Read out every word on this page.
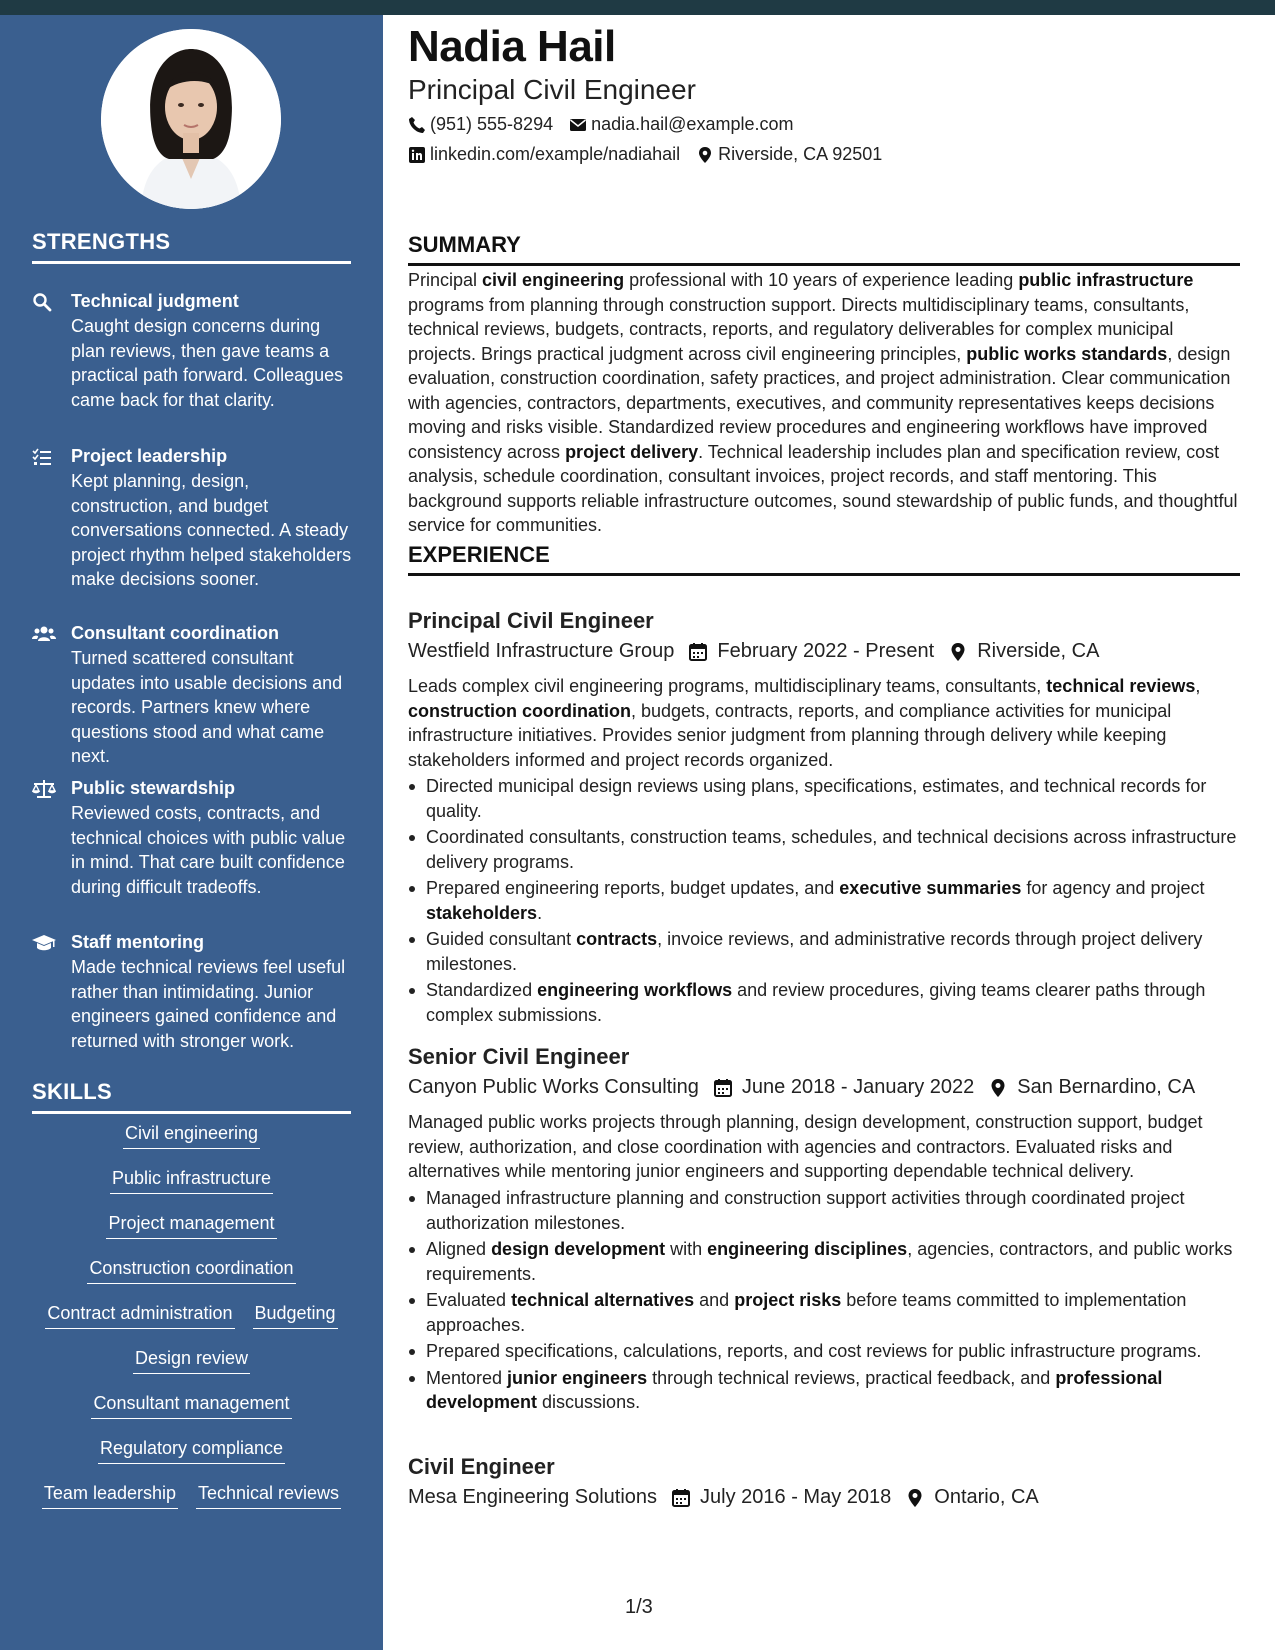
STRENGTHS
Technical judgment
Caught design concerns during plan reviews, then gave teams a practical path forward. Colleagues came back for that clarity.
Project leadership
Kept planning, design, construction, and budget conversations connected. A steady project rhythm helped stakeholders make decisions sooner.
Consultant coordination
Turned scattered consultant updates into usable decisions and records. Partners knew where questions stood and what came next.
Public stewardship
Reviewed costs, contracts, and technical choices with public value in mind. That care built confidence during difficult tradeoffs.
Staff mentoring
Made technical reviews feel useful rather than intimidating. Junior engineers gained confidence and returned with stronger work.
SKILLS
Civil engineering
Public infrastructure
Project management
Construction coordination
Contract administration Budgeting
Design review
Consultant management
Regulatory compliance
Team leadership Technical reviews
Nadia Hail
Principal Civil Engineer
(951) 555-8294 nadia.hail@example.com
linkedin.com/example/nadiahail Riverside, CA 92501
SUMMARY
Principal civil engineering professional with 10 years of experience leading public infrastructure programs from planning through construction support. Directs multidisciplinary teams, consultants, technical reviews, budgets, contracts, reports, and regulatory deliverables for complex municipal projects. Brings practical judgment across civil engineering principles, public works standards, design evaluation, construction coordination, safety practices, and project administration. Clear communication with agencies, contractors, departments, executives, and community representatives keeps decisions moving and risks visible. Standardized review procedures and engineering workflows have improved consistency across project delivery. Technical leadership includes plan and specification review, cost analysis, schedule coordination, consultant invoices, project records, and staff mentoring. This background supports reliable infrastructure outcomes, sound stewardship of public funds, and thoughtful service for communities.
EXPERIENCE
Principal Civil Engineer
Westfield Infrastructure Group February 2022 - Present Riverside, CA
Leads complex civil engineering programs, multidisciplinary teams, consultants, technical reviews, construction coordination, budgets, contracts, reports, and compliance activities for municipal infrastructure initiatives. Provides senior judgment from planning through delivery while keeping stakeholders informed and project records organized.
Directed municipal design reviews using plans, specifications, estimates, and technical records for quality.
Coordinated consultants, construction teams, schedules, and technical decisions across infrastructure delivery programs.
Prepared engineering reports, budget updates, and executive summaries for agency and project stakeholders.
Guided consultant contracts, invoice reviews, and administrative records through project delivery milestones.
Standardized engineering workflows and review procedures, giving teams clearer paths through complex submissions.
Senior Civil Engineer
Canyon Public Works Consulting June 2018 - January 2022 San Bernardino, CA
Managed public works projects through planning, design development, construction support, budget review, authorization, and close coordination with agencies and contractors. Evaluated risks and alternatives while mentoring junior engineers and supporting dependable technical delivery.
Managed infrastructure planning and construction support activities through coordinated project authorization milestones.
Aligned design development with engineering disciplines, agencies, contractors, and public works requirements.
Evaluated technical alternatives and project risks before teams committed to implementation approaches.
Prepared specifications, calculations, reports, and cost reviews for public infrastructure programs.
Mentored junior engineers through technical reviews, practical feedback, and professional development discussions.
Civil Engineer
Mesa Engineering Solutions July 2016 - May 2018 Ontario, CA
1/3
